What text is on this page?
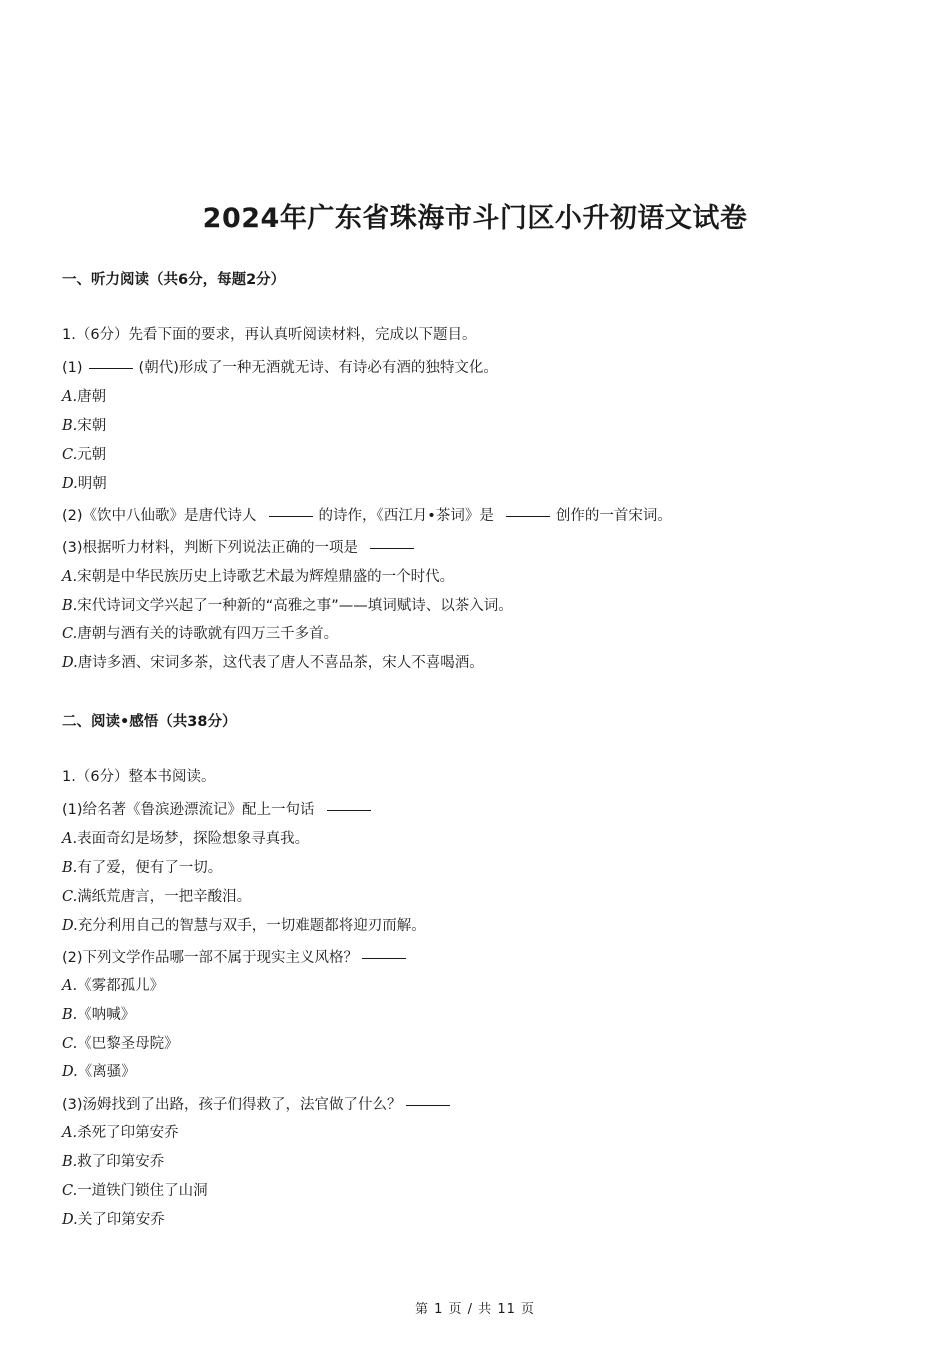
2024年广东省珠海市斗门区小升初语文试卷
一、听力阅读（共6分，每题2分）
1.（6分）先看下面的要求，再认真听阅读材料，完成以下题目。
(1)	(朝代)形成了一种无酒就无诗、有诗必有酒的独特文化。
A.唐朝
B.宋朝
C.元朝
D.明朝
(2)《饮中八仙歌》是唐代诗人	的诗作，《西江月•茶词》是	创作的一首宋词。
(3)根据听力材料，判断下列说法正确的一项是
A.宋朝是中华民族历史上诗歌艺术最为辉煌鼎盛的一个时代。
B.宋代诗词文学兴起了一种新的“高雅之事”——填词赋诗、以茶入词。
C.唐朝与酒有关的诗歌就有四万三千多首。
D.唐诗多酒、宋词多茶，这代表了唐人不喜品茶，宋人不喜喝酒。
二、阅读•感悟（共38分）
1.（6分）整本书阅读。
(1)给名著《鲁滨逊漂流记》配上一句话
A.表面奇幻是场梦，探险想象寻真我。
B.有了爱，便有了一切。
C.满纸荒唐言，一把辛酸泪。
D.充分利用自己的智慧与双手，一切难题都将迎刃而解。
(2)下列文学作品哪一部不属于现实主义风格？
A.《雾都孤儿》
B.《呐喊》
C.《巴黎圣母院》
D.《离骚》
(3)汤姆找到了出路，孩子们得救了，法官做了什么？
A.杀死了印第安乔
B.救了印第安乔
C.一道铁门锁住了山洞
D.关了印第安乔
第 1 页 / 共 11 页
